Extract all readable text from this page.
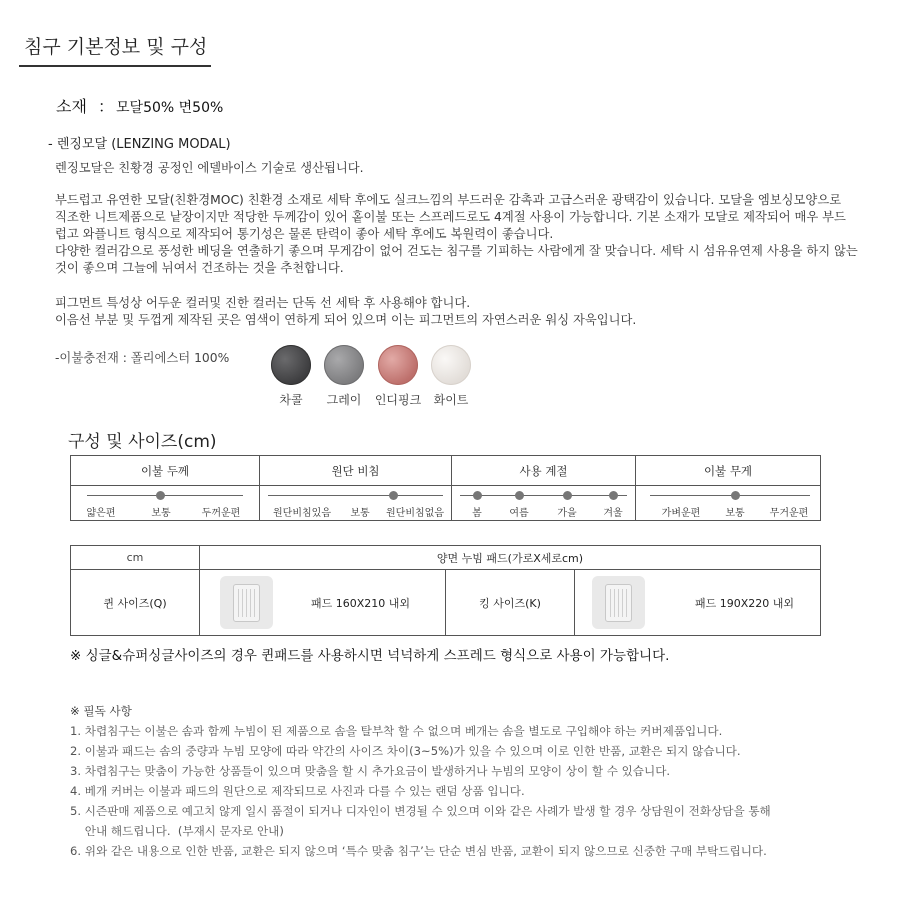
침구 기본정보 및 구성
소재 ： 모달50% 면50%
- 렌징모달 (LENZING MODAL)
렌징모달은 친황경 공정인 에델바이스 기술로 생산됩니다.
부드럽고 유연한 모달(친환경MOC) 친환경 소재로 세탁 후에도 실크느낌의 부드러운 감촉과 고급스러운 광택감이 있습니다. 모달을 엠보싱모양으로
직조한 니트제품으로 낱장이지만 적당한 두께감이 있어 홑이불 또는 스프레드로도 4계절 사용이 가능합니다. 기본 소재가 모달로 제작되어 매우 부드
럽고 와플니트 형식으로 제작되어 통기성은 물론 탄력이 좋아 세탁 후에도 복원력이 좋습니다.
다양한 컬러감으로 풍성한 베딩을 연출하기 좋으며 무게감이 없어 걷도는 침구를 기피하는 사람에게 잘 맞습니다. 세탁 시 섬유유연제 사용을 하지 않는
것이 좋으며 그늘에 뉘여서 건조하는 것을 추천합니다.
피그먼트 특성상 어두운 컬러및 진한 컬러는 단독 선 세탁 후 사용해야 합니다.
이음선 부분 및 두껍게 제작된 곳은 염색이 연하게 되어 있으며 이는 피그먼트의 자연스러운 워싱 자욱입니다.
-이불충전재 : 폴리에스터 100%
차콜	그레이	인디핑크	화이트
구성 및 사이즈(cm)
이불 두께	원단 비침	사용 계절	이불 무게

얇은편 보통 두꺼운편	원단비침있음 보통 원단비침없음	봄 여름 가을 겨울	가벼운편 보통 무거운편
cm	양면 누빔 패드(가로X세로cm)		
퀸 사이즈(Q)	패드 160X210 내외	킹 사이즈(K)	패드 190X220 내외
※ 싱글&슈퍼싱글사이즈의 경우 퀸패드를 사용하시면 넉넉하게 스프레드 형식으로 사용이 가능합니다.
※ 필독 사항
1. 차렵침구는 이불은 솜과 함께 누빔이 된 제품으로 솜을 탈부착 할 수 없으며 베개는 솜을 별도로 구입해야 하는 커버제품입니다.
2. 이불과 패드는 솜의 중량과 누빔 모양에 따라 약간의 사이즈 차이(3~5%)가 있을 수 있으며 이로 인한 반품, 교환은 되지 않습니다.
3. 차렵침구는 맞춤이 가능한 상품들이 있으며 맞춤을 할 시 추가요금이 발생하거나 누빔의 모양이 상이 할 수 있습니다.
4. 베개 커버는 이불과 패드의 원단으로 제작되므로 사진과 다를 수 있는 랜덤 상품 입니다.
5. 시즌판매 제품으로 예고치 않게 일시 품절이 되거나 디자인이 변경될 수 있으며 이와 같은 사례가 발생 할 경우 상담원이 전화상담을 통해
안내 해드립니다.  (부재시 문자로 안내)
6. 위와 같은 내용으로 인한 반품, 교환은 되지 않으며 ‘특수 맞춤 침구’는 단순 변심 반품, 교환이 되지 않으므로 신중한 구매 부탁드립니다.
